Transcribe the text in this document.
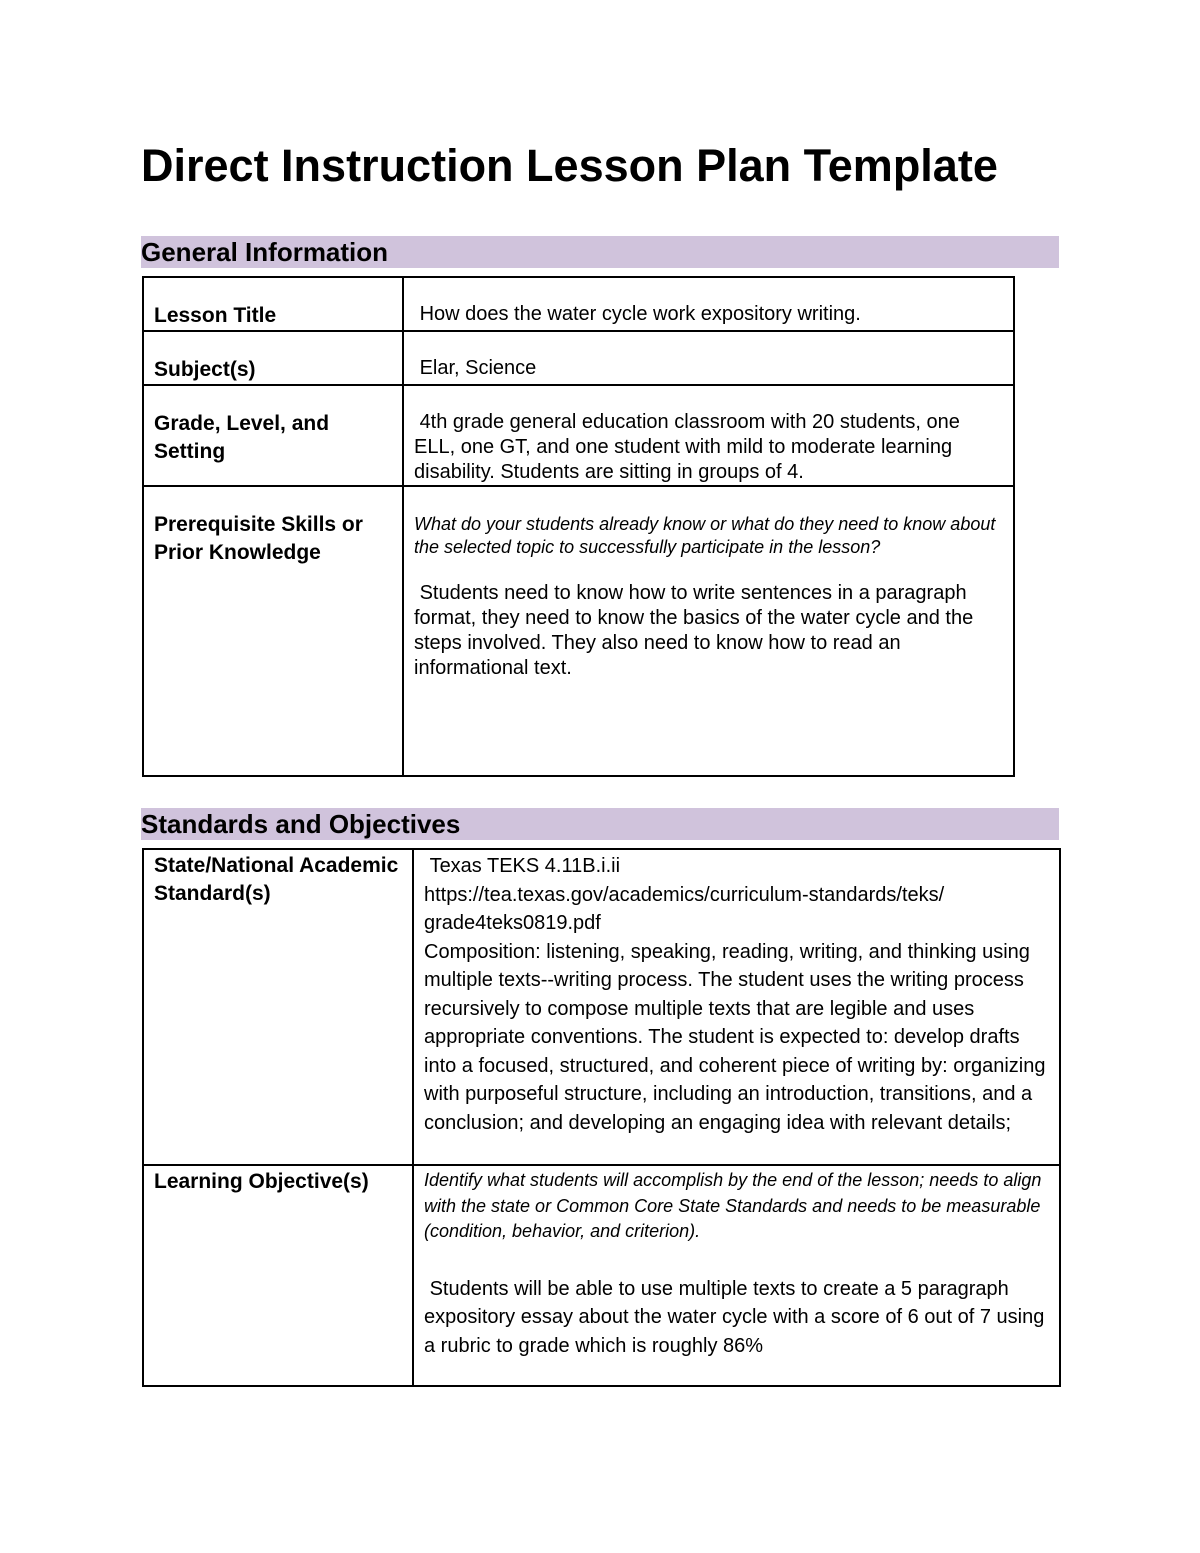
Direct Instruction Lesson Plan Template
General Information
Lesson Title	How does the water cycle work expository writing.

Subject(s)	Elar, Science

Grade, Level, and Setting	4th grade general education classroom with 20 students, one ELL, one GT, and one student with mild to moderate learning disability. Students are sitting in groups of 4.

Prerequisite Skills or Prior Knowledge	What do your students already know or what do they need to know about the selected topic to successfully participate in the lesson?
Students need to know how to write sentences in a paragraph format, they need to know the basics of the water cycle and the steps involved. They also need to know how to read an informational text.
Standards and Objectives
State/National Academic Standard(s)	Texas TEKS 4.11B.i.ii
https://tea.texas.gov/academics/curriculum-standards/teks/ grade4teks0819.pdf
Composition: listening, speaking, reading, writing, and thinking using multiple texts--writing process. The student uses the writing process recursively to compose multiple texts that are legible and uses appropriate conventions. The student is expected to: develop drafts into a focused, structured, and coherent piece of writing by: organizing with purposeful structure, including an introduction, transitions, and a conclusion; and developing an engaging idea with relevant details;

Learning Objective(s)	Identify what students will accomplish by the end of the lesson; needs to align with the state or Common Core State Standards and needs to be measurable (condition, behavior, and criterion).
Students will be able to use multiple texts to create a 5 paragraph expository essay about the water cycle with a score of 6 out of 7 using a rubric to grade which is roughly 86%
